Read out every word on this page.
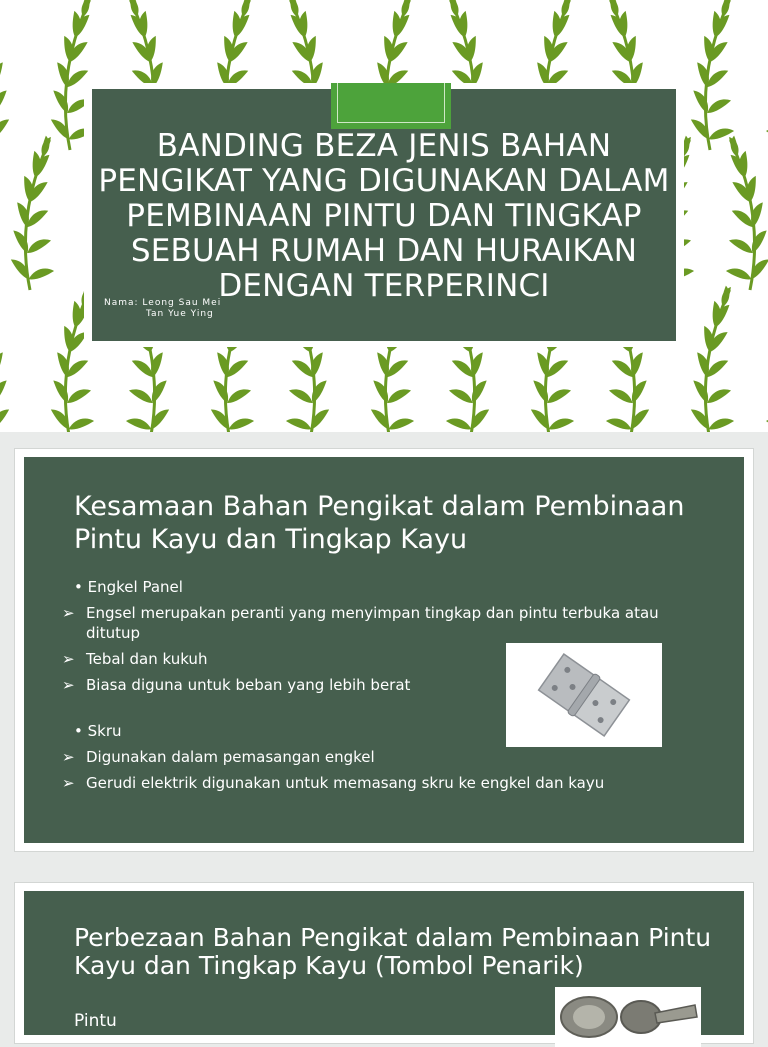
BANDING BEZA JENIS BAHAN PENGIKAT YANG DIGUNAKAN DALAM PEMBINAAN PINTU DAN TINGKAP SEBUAH RUMAH DAN HURAIKAN DENGAN TERPERINCI
Nama: Leong Sau Mei
Tan Yue Ying
Kesamaan Bahan Pengikat dalam Pembinaan Pintu Kayu dan Tingkap Kayu
• Engkel Panel
➢ Engsel merupakan peranti yang menyimpan tingkap dan pintu terbuka atau ditutup
➢ Tebal dan kukuh
➢ Biasa diguna untuk beban yang lebih berat
• Skru
➢ Digunakan dalam pemasangan engkel
➢ Gerudi elektrik digunakan untuk memasang skru ke engkel dan kayu
Perbezaan Bahan Pengikat dalam Pembinaan Pintu Kayu dan Tingkap Kayu (Tombol Penarik)
Pintu
